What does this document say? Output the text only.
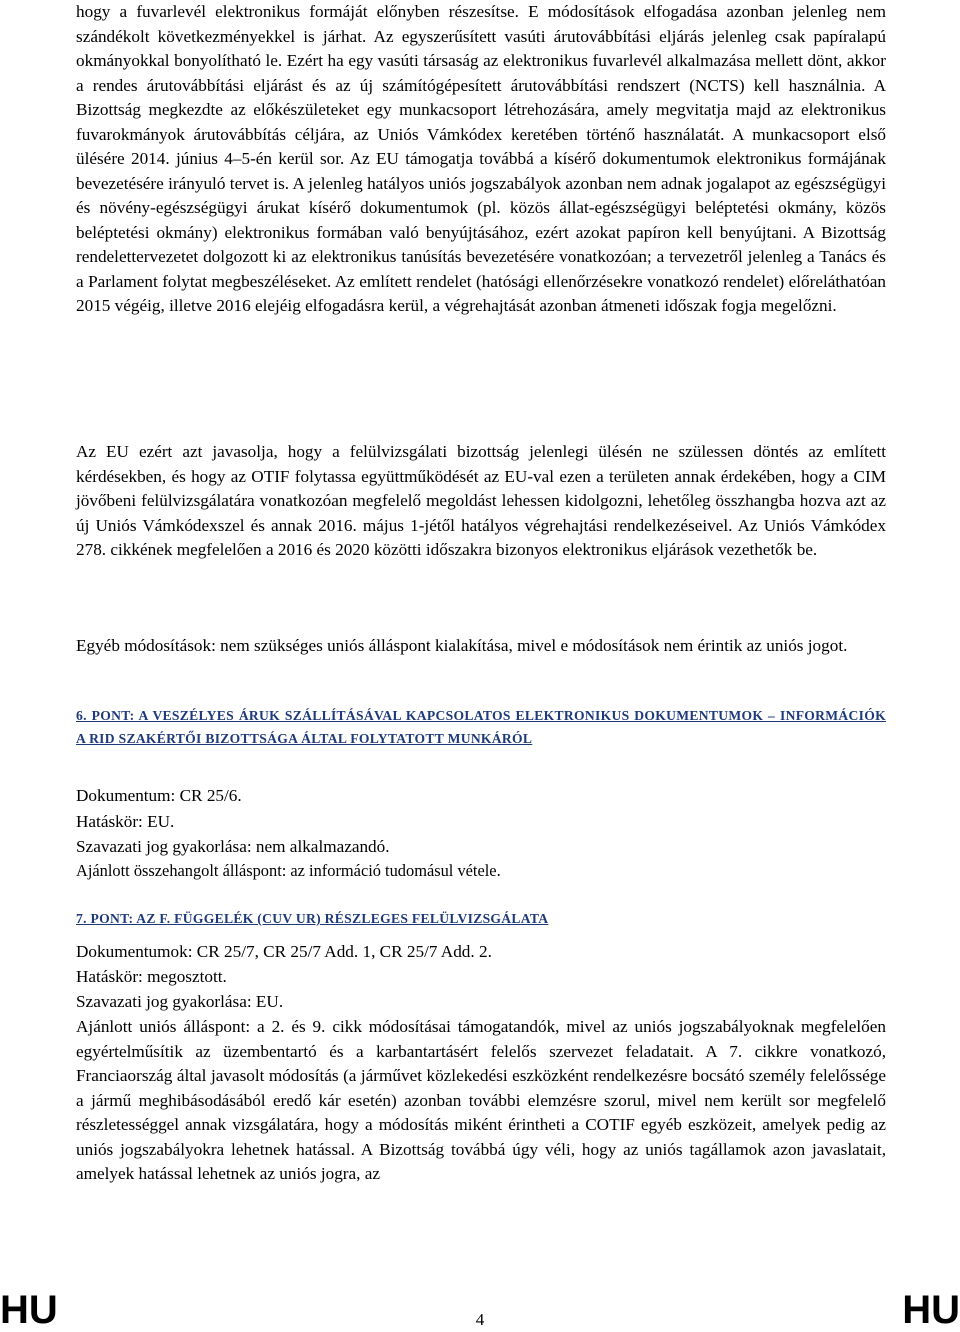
hogy a fuvarlevél elektronikus formáját előnyben részesítse. E módosítások elfogadása azonban jelenleg nem szándékolt következményekkel is járhat. Az egyszerűsített vasúti árutovábbítási eljárás jelenleg csak papíralapú okmányokkal bonyolítható le. Ezért ha egy vasúti társaság az elektronikus fuvarlevél alkalmazása mellett dönt, akkor a rendes árutovábbítási eljárást és az új számítógépesített árutovábbítási rendszert (NCTS) kell használnia. A Bizottság megkezdte az előkészületeket egy munkacsoport létrehozására, amely megvitatja majd az elektronikus fuvarokmányok árutovábbítás céljára, az Uniós Vámkódex keretében történő használatát. A munkacsoport első ülésére 2014. június 4–5-én kerül sor. Az EU támogatja továbbá a kísérő dokumentumok elektronikus formájának bevezetésére irányuló tervet is. A jelenleg hatályos uniós jogszabályok azonban nem adnak jogalapot az egészségügyi és növény-egészségügyi árukat kísérő dokumentumok (pl. közös állat-egészségügyi beléptetési okmány, közös beléptetési okmány) elektronikus formában való benyújtásához, ezért azokat papíron kell benyújtani. A Bizottság rendelettervezetet dolgozott ki az elektronikus tanúsítás bevezetésére vonatkozóan; a tervezetről jelenleg a Tanács és a Parlament folytat megbeszéléseket. Az említett rendelet (hatósági ellenőrzésekre vonatkozó rendelet) előreláthatóan 2015 végéig, illetve 2016 elejéig elfogadásra kerül, a végrehajtását azonban átmeneti időszak fogja megelőzni.

Az EU ezért azt javasolja, hogy a felülvizsgálati bizottság jelenlegi ülésén ne szülessen döntés az említett kérdésekben, és hogy az OTIF folytassa együttműködését az EU-val ezen a területen annak érdekében, hogy a CIM jövőbeni felülvizsgálatára vonatkozóan megfelelő megoldást lehessen kidolgozni, lehetőleg összhangba hozva azt az új Uniós Vámkódexszel és annak 2016. május 1-jétől hatályos végrehajtási rendelkezéseivel. Az Uniós Vámkódex 278. cikkének megfelelően a 2016 és 2020 közötti időszakra bizonyos elektronikus eljárások vezethetők be.

Egyéb módosítások: nem szükséges uniós álláspont kialakítása, mivel e módosítások nem érintik az uniós jogot.

6. PONT: A VESZÉLYES ÁRUK SZÁLLÍTÁSÁVAL KAPCSOLATOS ELEKTRONIKUS DOKUMENTUMOK – INFORMÁCIÓK A RID SZAKÉRTŐI BIZOTTSÁGA ÁLTAL FOLYTATOTT MUNKÁRÓL

Dokumentum: CR 25/6.
Hatáskör: EU.
Szavazati jog gyakorlása: nem alkalmazandó.
Ajánlott összehangolt álláspont: az információ tudomásul vétele.

7. PONT: AZ F. FÜGGELÉK (CUV UR) RÉSZLEGES FELÜLVIZSGÁLATA

Dokumentumok: CR 25/7, CR 25/7 Add. 1, CR 25/7 Add. 2.
Hatáskör: megosztott.
Szavazati jog gyakorlása: EU.

Ajánlott uniós álláspont: a 2. és 9. cikk módosításai támogatandók, mivel az uniós jogszabályoknak megfelelően egyértelműsítik az üzembentartó és a karbantartásért felelős szervezet feladatait. A 7. cikkre vonatkozó, Franciaország által javasolt módosítás (a járművet közlekedési eszközként rendelkezésre bocsátó személy felelőssége a jármű meghibásodásából eredő kár esetén) azonban további elemzésre szorul, mivel nem került sor megfelelő részletességgel annak vizsgálatára, hogy a módosítás miként érintheti a COTIF egyéb eszközeit, amelyek pedig az uniós jogszabályokra lehetnek hatással. A Bizottság továbbá úgy véli, hogy az uniós tagállamok azon javaslatait, amelyek hatással lehetnek az uniós jogra, az

HU	4	HU
